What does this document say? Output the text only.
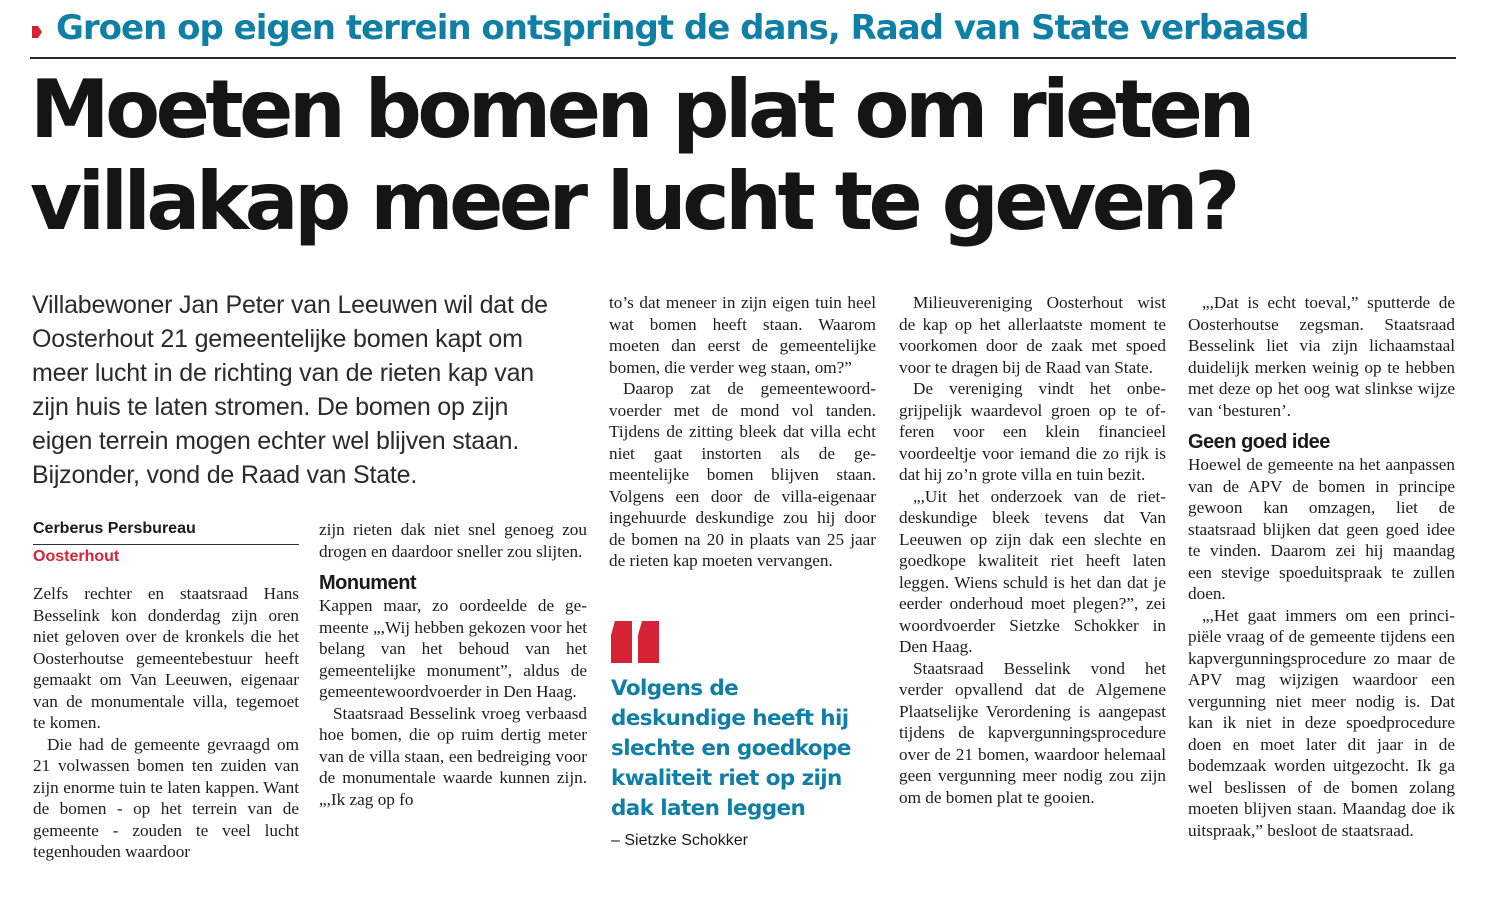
Groen op eigen terrein ontspringt de dans, Raad van State verbaasd
Moeten bomen plat om rieten
villakap meer lucht te geven?

Villabewoner Jan Peter van Leeuwen wil dat de Oosterhout 21 gemeentelijke bomen kapt om meer lucht in de richting van de rieten kap van zijn huis te laten stromen. De bomen op zijn eigen terrein mogen echter wel blijven staan. Bijzonder, vond de Raad van State.

Cerberus Persbureau
Oosterhout

Zelfs rechter en staatsraad Hans Besselink kon donderdag zijn oren niet geloven over de kronkels die het Oosterhoutse gemeentebestuur heeft gemaakt om Van Leeuwen, eigenaar van de monumentale villa, tegemoet te komen.

Die had de gemeente gevraagd om 21 volwassen bomen ten zuiden van zijn enorme tuin te laten kappen. Want de bomen - op het terrein van de gemeente - zouden te veel lucht tegenhouden waardoor

zijn rieten dak niet snel genoeg zou drogen en daardoor sneller zou slijten.

Monument

Kappen maar, zo oordeelde de gemeente „,Wij hebben gekozen voor het belang van het behoud van het gemeentelijke monument”, aldus de gemeentewoordvoerder in Den Haag.

Staatsraad Besselink vroeg verbaasd hoe bomen, die op ruim dertig meter van de villa staan, een bedreiging voor de monumentale waarde kunnen zijn. „,Ik zag op fo

to’s dat meneer in zijn eigen tuin heel wat bomen heeft staan. Waarom moeten dan eerst de gemeentelijke bomen, die verder weg staan, om?”

Daarop zat de gemeentewoordvoerder met de mond vol tanden. Tijdens de zitting bleek dat villa echt niet gaat instorten als de gemeentelijke bomen blijven staan. Volgens een door de villa-eigenaar ingehuurde deskundige zou hij door de bomen na 20 in plaats van 25 jaar de rieten kap moeten vervangen.

Volgens de deskundige heeft hij slechte en goedkope kwaliteit riet op zijn dak laten leggen

– Sietzke Schokker

Milieuvereniging Oosterhout wist de kap op het allerlaatste moment te voorkomen door de zaak met spoed voor te dragen bij de Raad van State.

De vereniging vindt het onbegrijpelijk waardevol groen op te offeren voor een klein financieel voordeeltje voor iemand die zo rijk is dat hij zo’n grote villa en tuin bezit.

„,Uit het onderzoek van de rietdeskundige bleek tevens dat Van Leeuwen op zijn dak een slechte en goedkope kwaliteit riet heeft laten leggen. Wiens schuld is het dan dat je eerder onderhoud moet plegen?”, zei woordvoerder Sietzke Schokker in Den Haag.

Staatsraad Besselink vond het verder opvallend dat de Algemene Plaatselijke Verordening is aangepast tijdens de kapvergunningsprocedure over de 21 bomen, waardoor helemaal geen vergunning meer nodig zou zijn om de bomen plat te gooien.

„,Dat is echt toeval,” sputterde de Oosterhoutse zegsman. Staatsraad Besselink liet via zijn lichaamstaal duidelijk merken weinig op te hebben met deze op het oog wat slinkse wijze van ‘besturen’.

Geen goed idee

Hoewel de gemeente na het aanpassen van de APV de bomen in principe gewoon kan omzagen, liet de staatsraad blijken dat geen goed idee te vinden. Daarom zei hij maandag een stevige spoeduitspraak te zullen doen.

„,Het gaat immers om een principiële vraag of de gemeente tijdens een kapvergunningsprocedure zo maar de APV mag wijzigen waardoor een vergunning niet meer nodig is. Dat kan ik niet in deze spoedprocedure doen en moet later dit jaar in de bodemzaak worden uitgezocht. Ik ga wel beslissen of de bomen zolang moeten blijven staan. Maandag doe ik uitspraak,” besloot de staatsraad.
